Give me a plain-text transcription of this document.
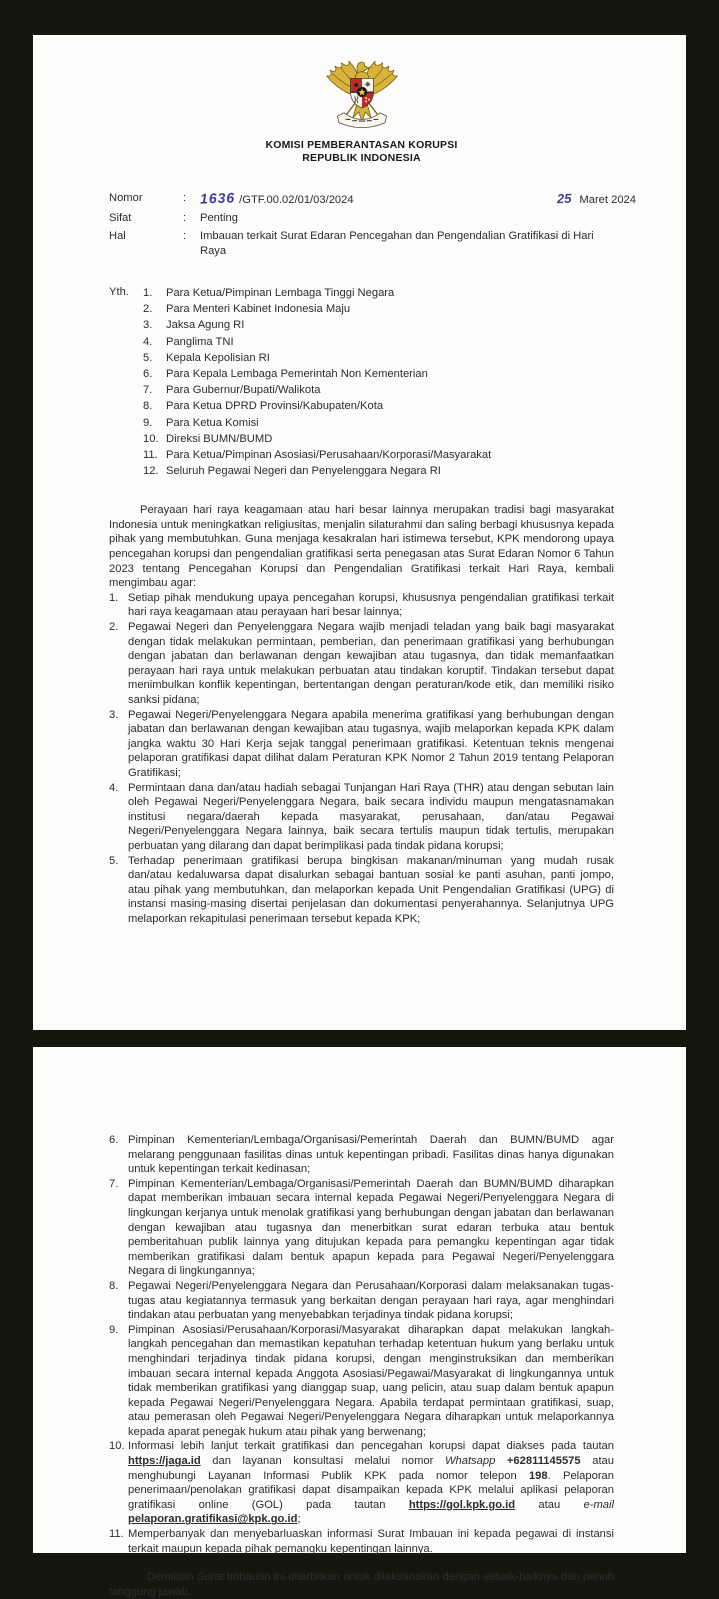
KOMISI PEMBERANTASAN KORUPSI
REPUBLIK INDONESIA
Nomor	: 1636 /GTF.00.02/01/03/2024
Sifat	:	Penting
Hal	:	Imbauan terkait Surat Edaran Pencegahan dan Pengendalian Gratifikasi di Hari Raya
25 Maret 2024
Yth.	1.	Para Ketua/Pimpinan Lembaga Tinggi Negara
2.	Para Menteri Kabinet Indonesia Maju
3.	Jaksa Agung RI
4.	Panglima TNI
5.	Kepala Kepolisian RI
6.	Para Kepala Lembaga Pemerintah Non Kementerian
7.	Para Gubernur/Bupati/Walikota
8.	Para Ketua DPRD Provinsi/Kabupaten/Kota
9.	Para Ketua Komisi
10. Direksi BUMN/BUMD
11. Para Ketua/Pimpinan Asosiasi/Perusahaan/Korporasi/Masyarakat
12. Seluruh Pegawai Negeri dan Penyelenggara Negara RI
Perayaan hari raya keagamaan atau hari besar lainnya merupakan tradisi bagi masyarakat Indonesia untuk meningkatkan religiusitas, menjalin silaturahmi dan saling berbagi khususnya kepada pihak yang membutuhkan. Guna menjaga kesakralan hari istimewa tersebut, KPK mendorong upaya pencegahan korupsi dan pengendalian gratifikasi serta penegasan atas Surat Edaran Nomor 6 Tahun 2023 tentang Pencegahan Korupsi dan Pengendalian Gratifikasi terkait Hari Raya, kembali mengimbau agar:
1. Setiap pihak mendukung upaya pencegahan korupsi, khususnya pengendalian gratifikasi terkait hari raya keagamaan atau perayaan hari besar lainnya;
2. Pegawai Negeri dan Penyelenggara Negara wajib menjadi teladan yang baik bagi masyarakat dengan tidak melakukan permintaan, pemberian, dan penerimaan gratifikasi yang berhubungan dengan jabatan dan berlawanan dengan kewajiban atau tugasnya, dan tidak memanfaatkan perayaan hari raya untuk melakukan perbuatan atau tindakan koruptif. Tindakan tersebut dapat menimbulkan konflik kepentingan, bertentangan dengan peraturan/kode etik, dan memiliki risiko sanksi pidana;
3. Pegawai Negeri/Penyelenggara Negara apabila menerima gratifikasi yang berhubungan dengan jabatan dan berlawanan dengan kewajiban atau tugasnya, wajib melaporkan kepada KPK dalam jangka waktu 30 Hari Kerja sejak tanggal penerimaan gratifikasi. Ketentuan teknis mengenai pelaporan gratifikasi dapat dilihat dalam Peraturan KPK Nomor 2 Tahun 2019 tentang Pelaporan Gratifikasi;
4. Permintaan dana dan/atau hadiah sebagai Tunjangan Hari Raya (THR) atau dengan sebutan lain oleh Pegawai Negeri/Penyelenggara Negara, baik secara individu maupun mengatasnamakan institusi negara/daerah kepada masyarakat, perusahaan, dan/atau Pegawai Negeri/Penyelenggara Negara lainnya, baik secara tertulis maupun tidak tertulis, merupakan perbuatan yang dilarang dan dapat berimplikasi pada tindak pidana korupsi;
5. Terhadap penerimaan gratifikasi berupa bingkisan makanan/minuman yang mudah rusak dan/atau kedaluwarsa dapat disalurkan sebagai bantuan sosial ke panti asuhan, panti jompo, atau pihak yang membutuhkan, dan melaporkan kepada Unit Pengendalian Gratifikasi (UPG) di instansi masing-masing disertai penjelasan dan dokumentasi penyerahannya. Selanjutnya UPG melaporkan rekapitulasi penerimaan tersebut kepada KPK;
6. Pimpinan Kementerian/Lembaga/Organisasi/Pemerintah Daerah dan BUMN/BUMD agar melarang penggunaan fasilitas dinas untuk kepentingan pribadi. Fasilitas dinas hanya digunakan untuk kepentingan terkait kedinasan;
7. Pimpinan Kementerian/Lembaga/Organisasi/Pemerintah Daerah dan BUMN/BUMD diharapkan dapat memberikan imbauan secara internal kepada Pegawai Negeri/Penyelenggara Negara di lingkungan kerjanya untuk menolak gratifikasi yang berhubungan dengan jabatan dan berlawanan dengan kewajiban atau tugasnya dan menerbitkan surat edaran terbuka atau bentuk pemberitahuan publik lainnya yang ditujukan kepada para pemangku kepentingan agar tidak memberikan gratifikasi dalam bentuk apapun kepada para Pegawai Negeri/Penyelenggara Negara di lingkungannya;
8. Pegawai Negeri/Penyelenggara Negara dan Perusahaan/Korporasi dalam melaksanakan tugas-tugas atau kegiatannya termasuk yang berkaitan dengan perayaan hari raya, agar menghindari tindakan atau perbuatan yang menyebabkan terjadinya tindak pidana korupsi;
9. Pimpinan Asosiasi/Perusahaan/Korporasi/Masyarakat diharapkan dapat melakukan langkah-langkah pencegahan dan memastikan kepatuhan terhadap ketentuan hukum yang berlaku untuk menghindari terjadinya tindak pidana korupsi, dengan menginstruksikan dan memberikan imbauan secara internal kepada Anggota Asosiasi/Pegawai/Masyarakat di lingkungannya untuk tidak memberikan gratifikasi yang dianggap suap, uang pelicin, atau suap dalam bentuk apapun kepada Pegawai Negeri/Penyelenggara Negara. Apabila terdapat permintaan gratifikasi, suap, atau pemerasan oleh Pegawai Negeri/Penyelenggara Negara diharapkan untuk melaporkannya kepada aparat penegak hukum atau pihak yang berwenang;
10. Informasi lebih lanjut terkait gratifikasi dan pencegahan korupsi dapat diakses pada tautan https://jaga.id dan layanan konsultasi melalui nomor Whatsapp +62811145575 atau menghubungi Layanan Informasi Publik KPK pada nomor telepon 198. Pelaporan penerimaan/penolakan gratifikasi dapat disampaikan kepada KPK melalui aplikasi pelaporan gratifikasi online (GOL) pada tautan https://gol.kpk.go.id atau e-mail pelaporan.gratifikasi@kpk.go.id;
11. Memperbanyak dan menyebarluaskan informasi Surat Imbauan ini kepada pegawai di instansi terkait maupun kepada pihak pemangku kepentingan lainnya.
Demikian Surat Imbauan ini diterbitkan untuk dilaksanakan dengan sebaik-baiknya dan penuh tanggung jawab.
